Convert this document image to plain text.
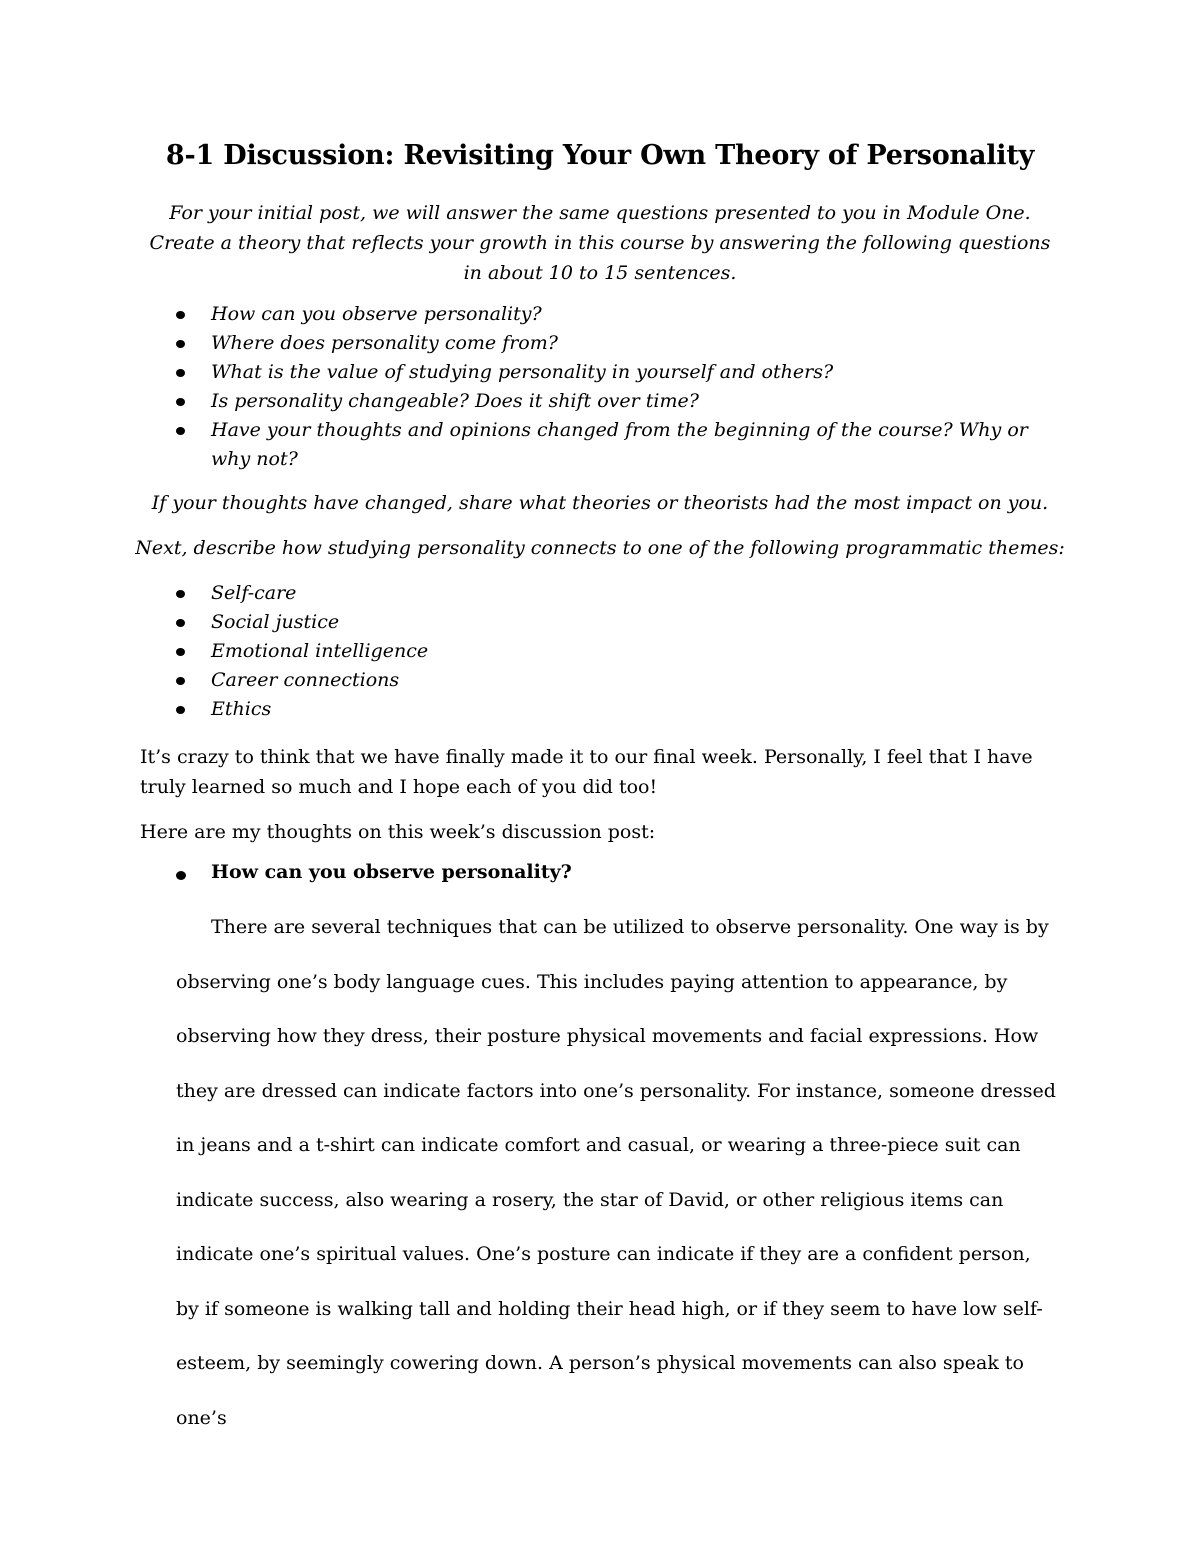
8-1 Discussion: Revisiting Your Own Theory of Personality
For your initial post, we will answer the same questions presented to you in Module One. Create a theory that reflects your growth in this course by answering the following questions in about 10 to 15 sentences.
How can you observe personality?
Where does personality come from?
What is the value of studying personality in yourself and others?
Is personality changeable? Does it shift over time?
Have your thoughts and opinions changed from the beginning of the course? Why or why not?
If your thoughts have changed, share what theories or theorists had the most impact on you.
Next, describe how studying personality connects to one of the following programmatic themes:
Self-care
Social justice
Emotional intelligence
Career connections
Ethics
It’s crazy to think that we have finally made it to our final week. Personally, I feel that I have truly learned so much and I hope each of you did too!
Here are my thoughts on this week’s discussion post:
How can you observe personality?
There are several techniques that can be utilized to observe personality. One way is by observing one’s body language cues. This includes paying attention to appearance, by observing how they dress, their posture physical movements and facial expressions. How they are dressed can indicate factors into one’s personality. For instance, someone dressed in jeans and a t-shirt can indicate comfort and casual, or wearing a three-piece suit can indicate success, also wearing a rosery, the star of David, or other religious items can indicate one’s spiritual values. One’s posture can indicate if they are a confident person, by if someone is walking tall and holding their head high, or if they seem to have low self-esteem, by seemingly cowering down. A person’s physical movements can also speak to one’s
